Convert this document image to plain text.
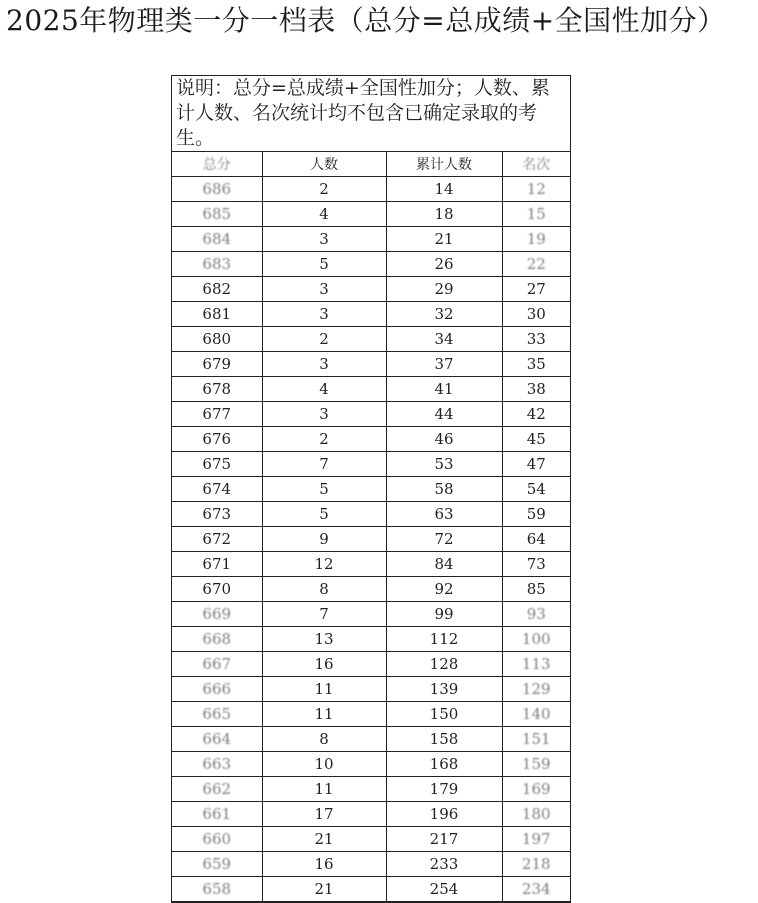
2025年物理类一分一档表（总分=总成绩+全国性加分）
说明：总分=总成绩+全国性加分；人数、累计人数、名次统计均不包含已确定录取的考生。
总分	人数	累计人数	名次
686	2	14	12
685	4	18	15
684	3	21	19
683	5	26	22
682	3	29	27
681	3	32	30
680	2	34	33
679	3	37	35
678	4	41	38
677	3	44	42
676	2	46	45
675	7	53	47
674	5	58	54
673	5	63	59
672	9	72	64
671	12	84	73
670	8	92	85
669	7	99	93
668	13	112	100
667	16	128	113
666	11	139	129
665	11	150	140
664	8	158	151
663	10	168	159
662	11	179	169
661	17	196	180
660	21	217	197
659	16	233	218
658	21	254	234
